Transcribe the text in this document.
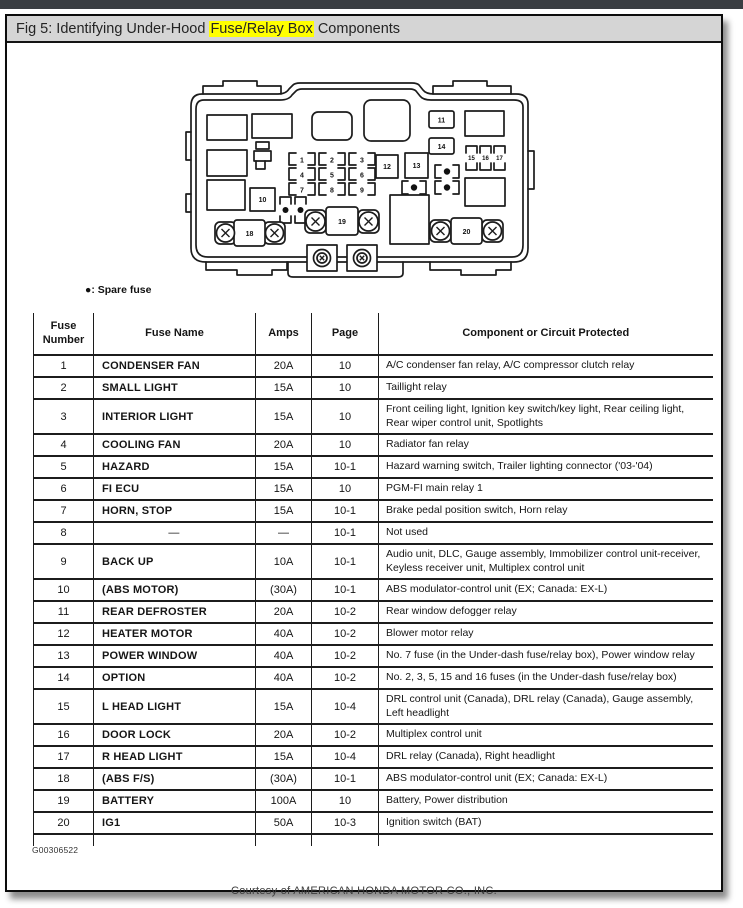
Fig 5: Identifying Under-Hood Fuse/Relay Box Components
11
14
12	13
10
1	2	3
4	5	6
7	8	9
15 16 17
18
19
20
●: Spare fuse
Fuse
Number	Fuse Name	Amps	Page	Component or Circuit Protected
1	CONDENSER FAN	20A	10	A/C condenser fan relay, A/C compressor clutch relay
2	SMALL LIGHT	15A	10	Taillight relay
3	INTERIOR LIGHT	15A	10	Front ceiling light, Ignition key switch/key light, Rear ceiling light, Rear wiper control unit, Spotlights
4	COOLING FAN	20A	10	Radiator fan relay
5	HAZARD	15A	10-1	Hazard warning switch, Trailer lighting connector ('03-'04)
6	FI ECU	15A	10	PGM-FI main relay 1
7	HORN, STOP	15A	10-1	Brake pedal position switch, Horn relay
8	—	—	10-1	Not used
9	BACK UP	10A	10-1	Audio unit, DLC, Gauge assembly, Immobilizer control unit-receiver, Keyless receiver unit, Multiplex control unit
10	(ABS MOTOR)	(30A)	10-1	ABS modulator-control unit (EX; Canada: EX-L)
11	REAR DEFROSTER	20A	10-2	Rear window defogger relay
12	HEATER MOTOR	40A	10-2	Blower motor relay
13	POWER WINDOW	40A	10-2	No. 7 fuse (in the Under-dash fuse/relay box), Power window relay
14	OPTION	40A	10-2	No. 2, 3, 5, 15 and 16 fuses (in the Under-dash fuse/relay box)
15	L HEAD LIGHT	15A	10-4	DRL control unit (Canada), DRL relay (Canada), Gauge assembly, Left headlight
16	DOOR LOCK	20A	10-2	Multiplex control unit
17	R HEAD LIGHT	15A	10-4	DRL relay (Canada), Right headlight
18	(ABS F/S)	(30A)	10-1	ABS modulator-control unit (EX; Canada: EX-L)
19	BATTERY	100A	10	Battery, Power distribution
20	IG1	50A	10-3	Ignition switch (BAT)

G00306522
Courtesy of AMERICAN HONDA MOTOR CO., INC.
